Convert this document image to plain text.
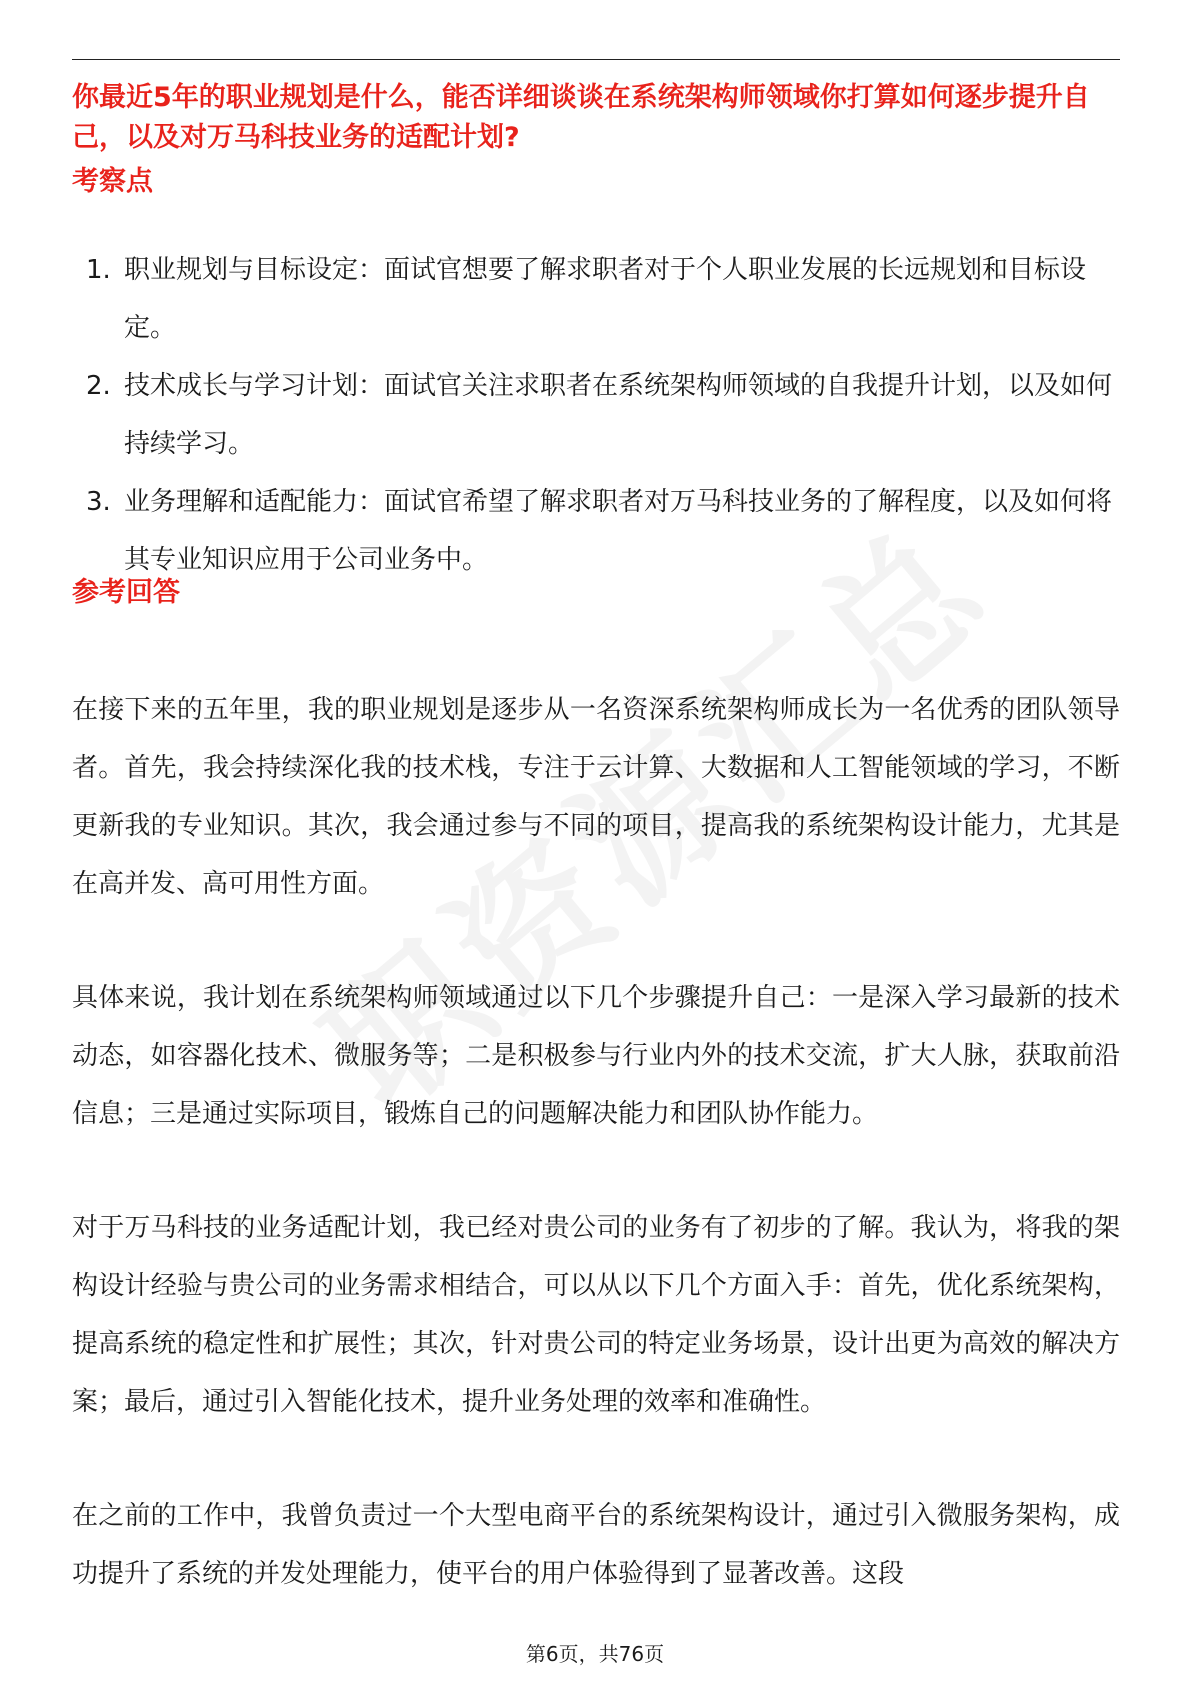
你最近5年的职业规划是什么，能否详细谈谈在系统架构师领域你打算如何逐步提升自己，以及对万马科技业务的适配计划?

考察点
1. 职业规划与目标设定：面试官想要了解求职者对于个人职业发展的长远规划和目标设定。
2. 技术成长与学习计划：面试官关注求职者在系统架构师领域的自我提升计划，以及如何持续学习。
3. 业务理解和适配能力：面试官希望了解求职者对万马科技业务的了解程度，以及如何将其专业知识应用于公司业务中。
参考回答

在接下来的五年里，我的职业规划是逐步从一名资深系统架构师成长为一名优秀的团队领导者。首先，我会持续深化我的技术栈，专注于云计算、大数据和人工智能领域的学习，不断更新我的专业知识。其次，我会通过参与不同的项目，提高我的系统架构设计能力，尤其是在高并发、高可用性方面。

具体来说，我计划在系统架构师领域通过以下几个步骤提升自己：一是深入学习最新的技术动态，如容器化技术、微服务等；二是积极参与行业内外的技术交流，扩大人脉，获取前沿信息；三是通过实际项目，锻炼自己的问题解决能力和团队协作能力。

对于万马科技的业务适配计划，我已经对贵公司的业务有了初步的了解。我认为，将我的架构设计经验与贵公司的业务需求相结合，可以从以下几个方面入手：首先，优化系统架构，提高系统的稳定性和扩展性；其次，针对贵公司的特定业务场景，设计出更为高效的解决方案；最后，通过引入智能化技术，提升业务处理的效率和准确性。

在之前的工作中，我曾负责过一个大型电商平台的系统架构设计，通过引入微服务架构，成功提升了系统的并发处理能力，使平台的用户体验得到了显著改善。这段

第6页，共76页
